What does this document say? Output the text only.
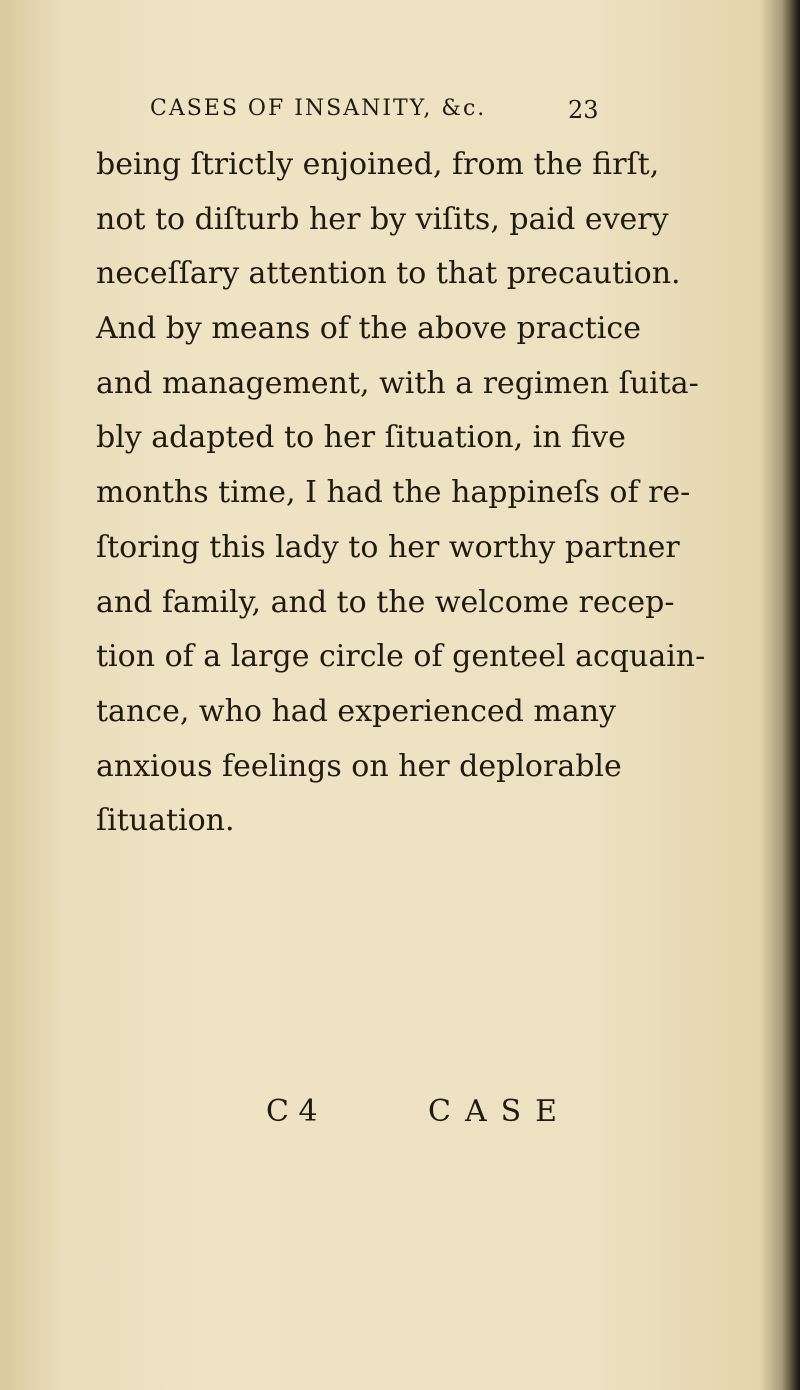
CASES OF INSANITY, &c.	23
being ſtrictly enjoined, from the firſt,
not to diſturb her by viſits, paid every
neceſſary attention to that precaution.
And by means of the above practice
and management, with a regimen ſuita-
bly adapted to her ſituation, in five
months time, I had the happineſs of re-
ſtoring this lady to her worthy partner
and family, and to the welcome recep-
tion of a large circle of genteel acquain-
tance, who had experienced many
anxious feelings on her deplorable
ſituation.
C 4	CASE
